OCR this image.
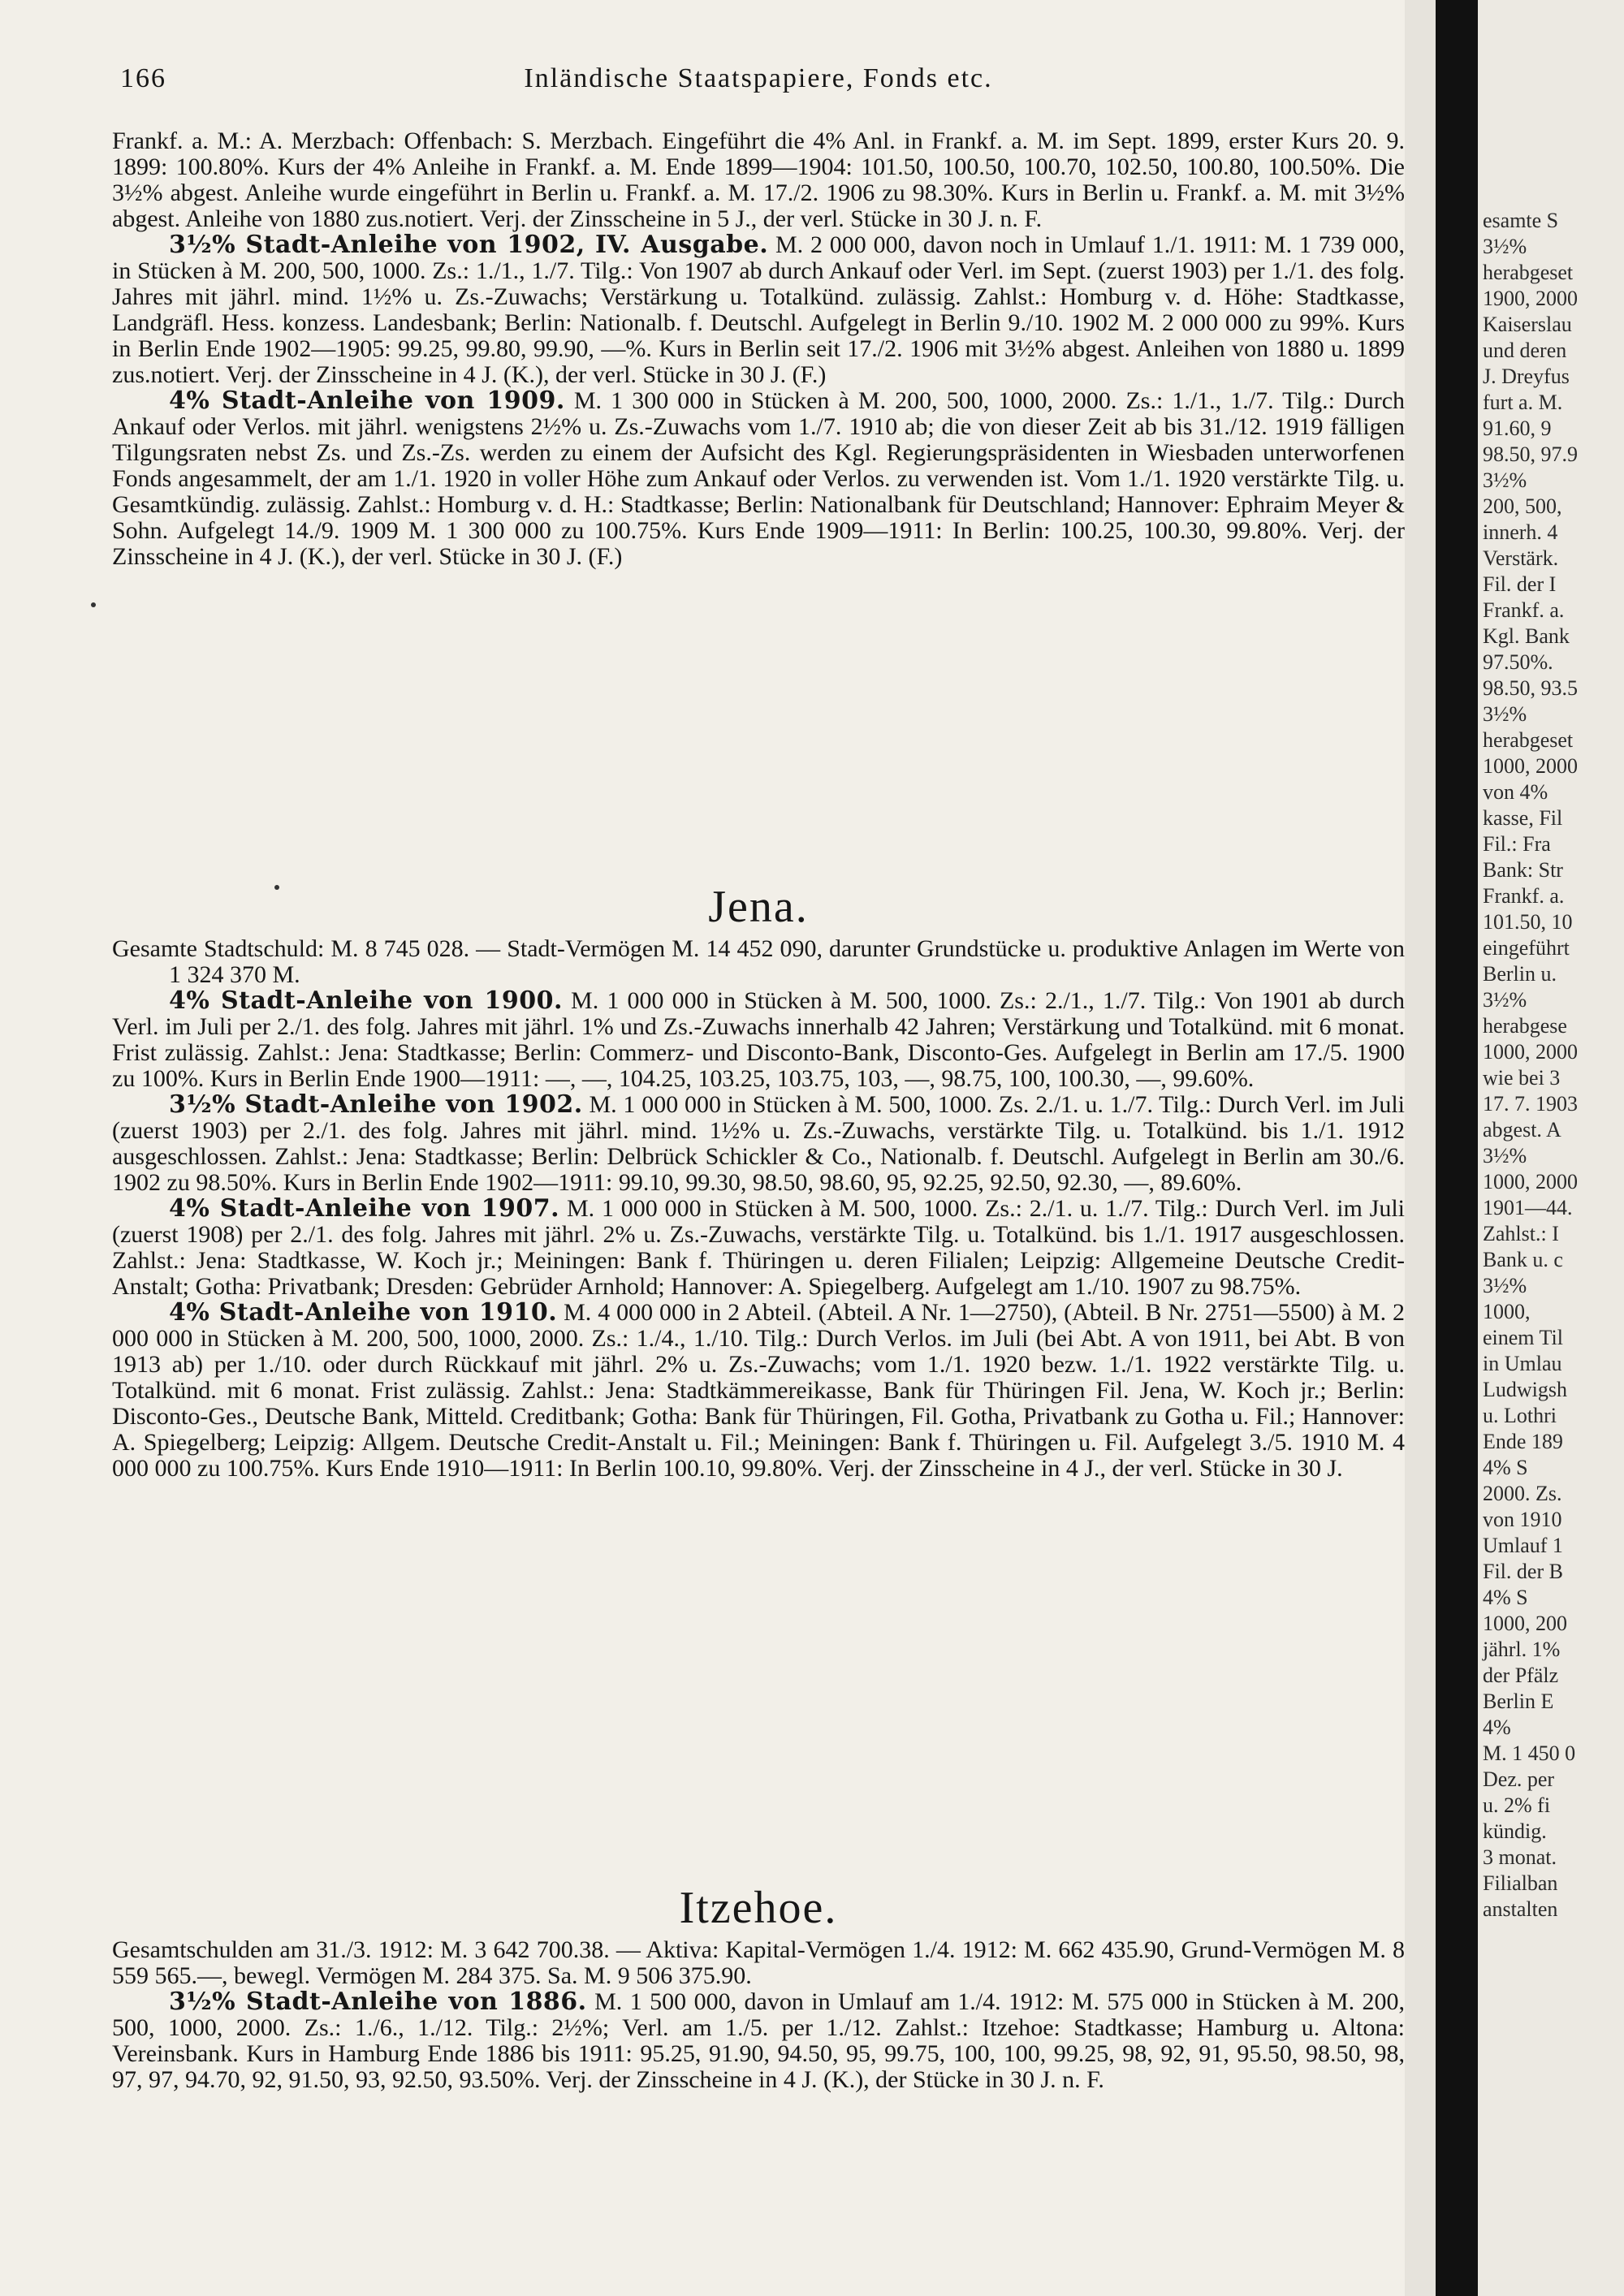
166	Inländische Staatspapiere, Fonds etc.

Frankf. a. M.: A. Merzbach: Offenbach: S. Merzbach. Eingeführt die 4% Anl. in Frankf. a. M. im Sept. 1899, erster Kurs 20. 9. 1899: 100.80%. Kurs der 4% Anleihe in Frankf. a. M. Ende 1899—1904: 101.50, 100.50, 100.70, 102.50, 100.80, 100.50%. Die 3½% abgest. Anleihe wurde eingeführt in Berlin u. Frankf. a. M. 17./2. 1906 zu 98.30%. Kurs in Berlin u. Frankf. a. M. mit 3½% abgest. Anleihe von 1880 zus.notiert. Verj. der Zinsscheine in 5 J., der verl. Stücke in 30 J. n. F.

3½% Stadt-Anleihe von 1902, IV. Ausgabe. M. 2 000 000, davon noch in Umlauf 1./1. 1911: M. 1 739 000, in Stücken à M. 200, 500, 1000. Zs.: 1./1., 1./7. Tilg.: Von 1907 ab durch Ankauf oder Verl. im Sept. (zuerst 1903) per 1./1. des folg. Jahres mit jährl. mind. 1½% u. Zs.-Zuwachs; Verstärkung u. Totalkünd. zulässig. Zahlst.: Homburg v. d. Höhe: Stadtkasse, Landgräfl. Hess. konzess. Landesbank; Berlin: Nationalb. f. Deutschl. Aufgelegt in Berlin 9./10. 1902 M. 2 000 000 zu 99%. Kurs in Berlin Ende 1902—1905: 99.25, 99.80, 99.90, —%. Kurs in Berlin seit 17./2. 1906 mit 3½% abgest. Anleihen von 1880 u. 1899 zus.notiert. Verj. der Zinsscheine in 4 J. (K.), der verl. Stücke in 30 J. (F.)

4% Stadt-Anleihe von 1909. M. 1 300 000 in Stücken à M. 200, 500, 1000, 2000. Zs.: 1./1., 1./7. Tilg.: Durch Ankauf oder Verlos. mit jährl. wenigstens 2½% u. Zs.-Zuwachs vom 1./7. 1910 ab; die von dieser Zeit ab bis 31./12. 1919 fälligen Tilgungsraten nebst Zs. und Zs.-Zs. werden zu einem der Aufsicht des Kgl. Regierungspräsidenten in Wiesbaden unterworfenen Fonds angesammelt, der am 1./1. 1920 in voller Höhe zum Ankauf oder Verlos. zu verwenden ist. Vom 1./1. 1920 verstärkte Tilg. u. Gesamtkündig. zulässig. Zahlst.: Homburg v. d. H.: Stadtkasse; Berlin: Nationalbank für Deutschland; Hannover: Ephraim Meyer & Sohn. Aufgelegt 14./9. 1909 M. 1 300 000 zu 100.75%. Kurs Ende 1909—1911: In Berlin: 100.25, 100.30, 99.80%. Verj. der Zinsscheine in 4 J. (K.), der verl. Stücke in 30 J. (F.)

Jena.

Gesamte Stadtschuld: M. 8 745 028. — Stadt-Vermögen M. 14 452 090, darunter Grundstücke u. produktive Anlagen im Werte von 1 324 370 M.

4% Stadt-Anleihe von 1900. M. 1 000 000 in Stücken à M. 500, 1000. Zs.: 2./1., 1./7. Tilg.: Von 1901 ab durch Verl. im Juli per 2./1. des folg. Jahres mit jährl. 1% und Zs.-Zuwachs innerhalb 42 Jahren; Verstärkung und Totalkünd. mit 6 monat. Frist zulässig. Zahlst.: Jena: Stadtkasse; Berlin: Commerz- und Disconto-Bank, Disconto-Ges. Aufgelegt in Berlin am 17./5. 1900 zu 100%. Kurs in Berlin Ende 1900—1911: —, —, 104.25, 103.25, 103.75, 103, —, 98.75, 100, 100.30, —, 99.60%.

3½% Stadt-Anleihe von 1902. M. 1 000 000 in Stücken à M. 500, 1000. Zs. 2./1. u. 1./7. Tilg.: Durch Verl. im Juli (zuerst 1903) per 2./1. des folg. Jahres mit jährl. mind. 1½% u. Zs.-Zuwachs, verstärkte Tilg. u. Totalkünd. bis 1./1. 1912 ausgeschlossen. Zahlst.: Jena: Stadtkasse; Berlin: Delbrück Schickler & Co., Nationalb. f. Deutschl. Aufgelegt in Berlin am 30./6. 1902 zu 98.50%. Kurs in Berlin Ende 1902—1911: 99.10, 99.30, 98.50, 98.60, 95, 92.25, 92.50, 92.30, —, 89.60%.

4% Stadt-Anleihe von 1907. M. 1 000 000 in Stücken à M. 500, 1000. Zs.: 2./1. u. 1./7. Tilg.: Durch Verl. im Juli (zuerst 1908) per 2./1. des folg. Jahres mit jährl. 2% u. Zs.-Zuwachs, verstärkte Tilg. u. Totalkünd. bis 1./1. 1917 ausgeschlossen. Zahlst.: Jena: Stadtkasse, W. Koch jr.; Meiningen: Bank f. Thüringen u. deren Filialen; Leipzig: Allgemeine Deutsche Credit-Anstalt; Gotha: Privatbank; Dresden: Gebrüder Arnhold; Hannover: A. Spiegelberg. Aufgelegt am 1./10. 1907 zu 98.75%.

4% Stadt-Anleihe von 1910. M. 4 000 000 in 2 Abteil. (Abteil. A Nr. 1—2750), (Abteil. B Nr. 2751—5500) à M. 2 000 000 in Stücken à M. 200, 500, 1000, 2000. Zs.: 1./4., 1./10. Tilg.: Durch Verlos. im Juli (bei Abt. A von 1911, bei Abt. B von 1913 ab) per 1./10. oder durch Rückkauf mit jährl. 2% u. Zs.-Zuwachs; vom 1./1. 1920 bezw. 1./1. 1922 verstärkte Tilg. u. Totalkünd. mit 6 monat. Frist zulässig. Zahlst.: Jena: Stadtkämmereikasse, Bank für Thüringen Fil. Jena, W. Koch jr.; Berlin: Disconto-Ges., Deutsche Bank, Mitteld. Creditbank; Gotha: Bank für Thüringen, Fil. Gotha, Privatbank zu Gotha u. Fil.; Hannover: A. Spiegelberg; Leipzig: Allgem. Deutsche Credit-Anstalt u. Fil.; Meiningen: Bank f. Thüringen u. Fil. Aufgelegt 3./5. 1910 M. 4 000 000 zu 100.75%. Kurs Ende 1910—1911: In Berlin 100.10, 99.80%. Verj. der Zinsscheine in 4 J., der verl. Stücke in 30 J.

Itzehoe.

Gesamtschulden am 31./3. 1912: M. 3 642 700.38. — Aktiva: Kapital-Vermögen 1./4. 1912: M. 662 435.90, Grund-Vermögen M. 8 559 565.—, bewegl. Vermögen M. 284 375. Sa. M. 9 506 375.90.

3½% Stadt-Anleihe von 1886. M. 1 500 000, davon in Umlauf am 1./4. 1912: M. 575 000 in Stücken à M. 200, 500, 1000, 2000. Zs.: 1./6., 1./12. Tilg.: 2½%; Verl. am 1./5. per 1./12. Zahlst.: Itzehoe: Stadtkasse; Hamburg u. Altona: Vereinsbank. Kurs in Hamburg Ende 1886 bis 1911: 95.25, 91.90, 94.50, 95, 99.75, 100, 100, 99.25, 98, 92, 91, 95.50, 98.50, 98, 97, 97, 94.70, 92, 91.50, 93, 92.50, 93.50%. Verj. der Zinsscheine in 4 J. (K.), der Stücke in 30 J. n. F.

esamte S
3½%
herabgeset
1900, 2000
Kaiserslau
und deren
J. Dreyfus
furt a. M.
91.60, 9
98.50, 97.9
3½%
200, 500,
innerh. 4
Verstärk.
Fil. der I
Frankf. a.
Kgl. Bank
97.50%.
98.50, 93.5
3½%
herabgeset
1000, 2000
von 4%
kasse, Fil
Fil.: Fra
Bank: Str
Frankf. a.
101.50, 10
eingeführt
Berlin u.
3½%
herabgese
1000, 2000
wie bei 3
17. 7. 1903
abgest. A
3½%
1000, 2000
1901—44.
Zahlst.: I
Bank u. c
3½%
1000,
einem Til
in Umlau
Ludwigsh
u. Lothri
Ende 189
4% S
2000. Zs.
von 1910
Umlauf 1
Fil. der B
4% S
1000, 200
jährl. 1%
der Pfälz
Berlin E
4%
M. 1 450 0
Dez. per
u. 2% fi
kündig.
3 monat.
Filialban
anstalten
